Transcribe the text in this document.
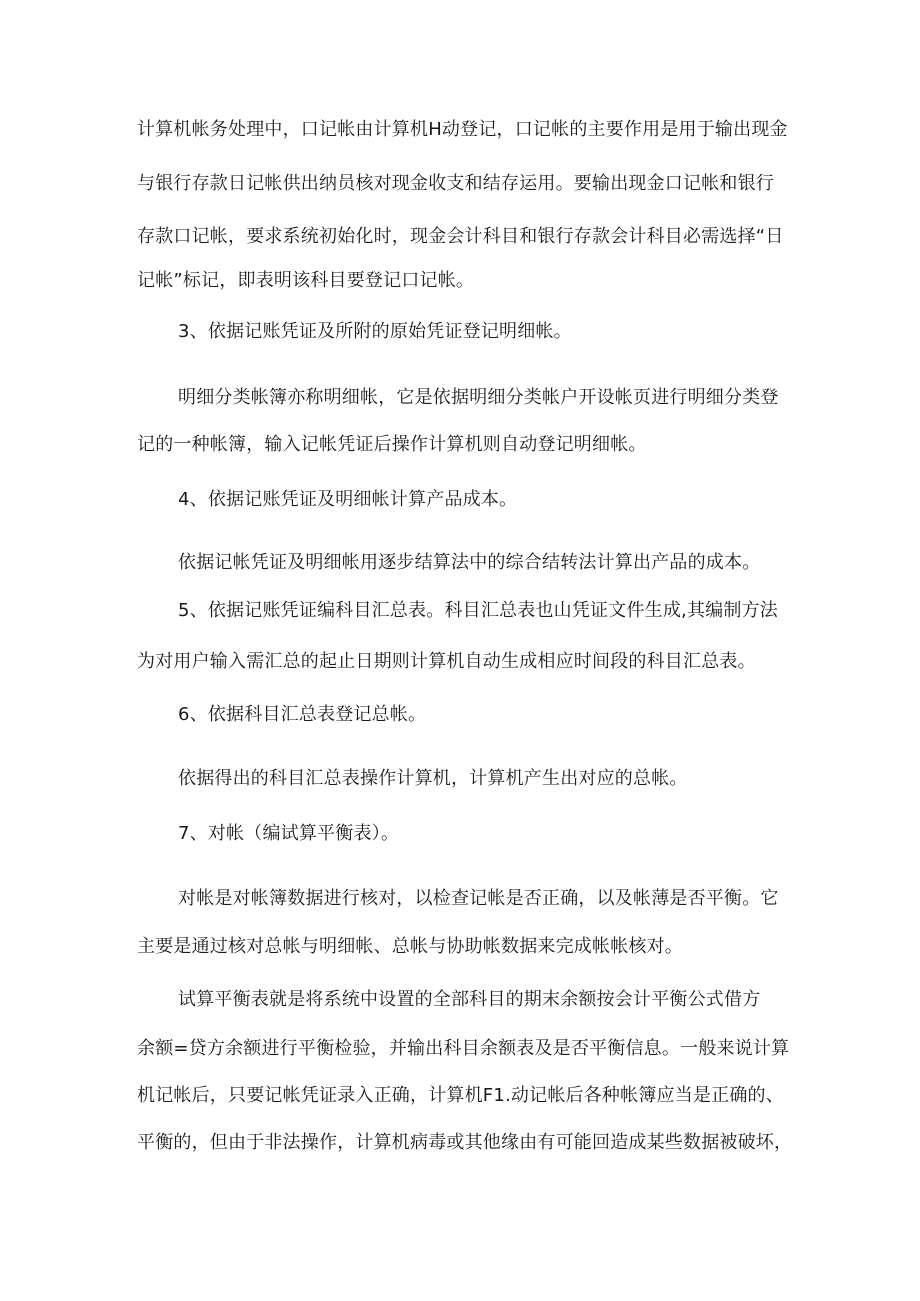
计算机帐务处理中，口记帐由计算机H动登记，口记帐的主要作用是用于输出现金
与银行存款日记帐供出纳员核对现金收支和结存运用。要输出现金口记帐和银行
存款口记帐，要求系统初始化时，现金会计科目和银行存款会计科目必需选择“日
记帐”标记，即表明该科目要登记口记帐。
3、依据记账凭证及所附的原始凭证登记明细帐。
明细分类帐簿亦称明细帐，它是依据明细分类帐户开设帐页进行明细分类登
记的一种帐簿，输入记帐凭证后操作计算机则自动登记明细帐。
4、依据记账凭证及明细帐计算产品成本。
依据记帐凭证及明细帐用逐步结算法中的综合结转法计算出产品的成本。
5、依据记账凭证编科目汇总表。科目汇总表也山凭证文件生成,其编制方法
为对用户输入需汇总的起止日期则计算机自动生成相应时间段的科目汇总表。
6、依据科目汇总表登记总帐。
依据得出的科目汇总表操作计算机，计算机产生出对应的总帐。
7、对帐（编试算平衡表）。
对帐是对帐簿数据进行核对，以检查记帐是否正确，以及帐薄是否平衡。它
主要是通过核对总帐与明细帐、总帐与协助帐数据来完成帐帐核对。
试算平衡表就是将系统中设置的全部科目的期末余额按会计平衡公式借方
余额=贷方余额进行平衡检验，并输出科目余额表及是否平衡信息。一般来说计算
机记帐后，只要记帐凭证录入正确，计算机F1.动记帐后各种帐簿应当是正确的、
平衡的，但由于非法操作，计算机病毒或其他缘由有可能回造成某些数据被破坏，
